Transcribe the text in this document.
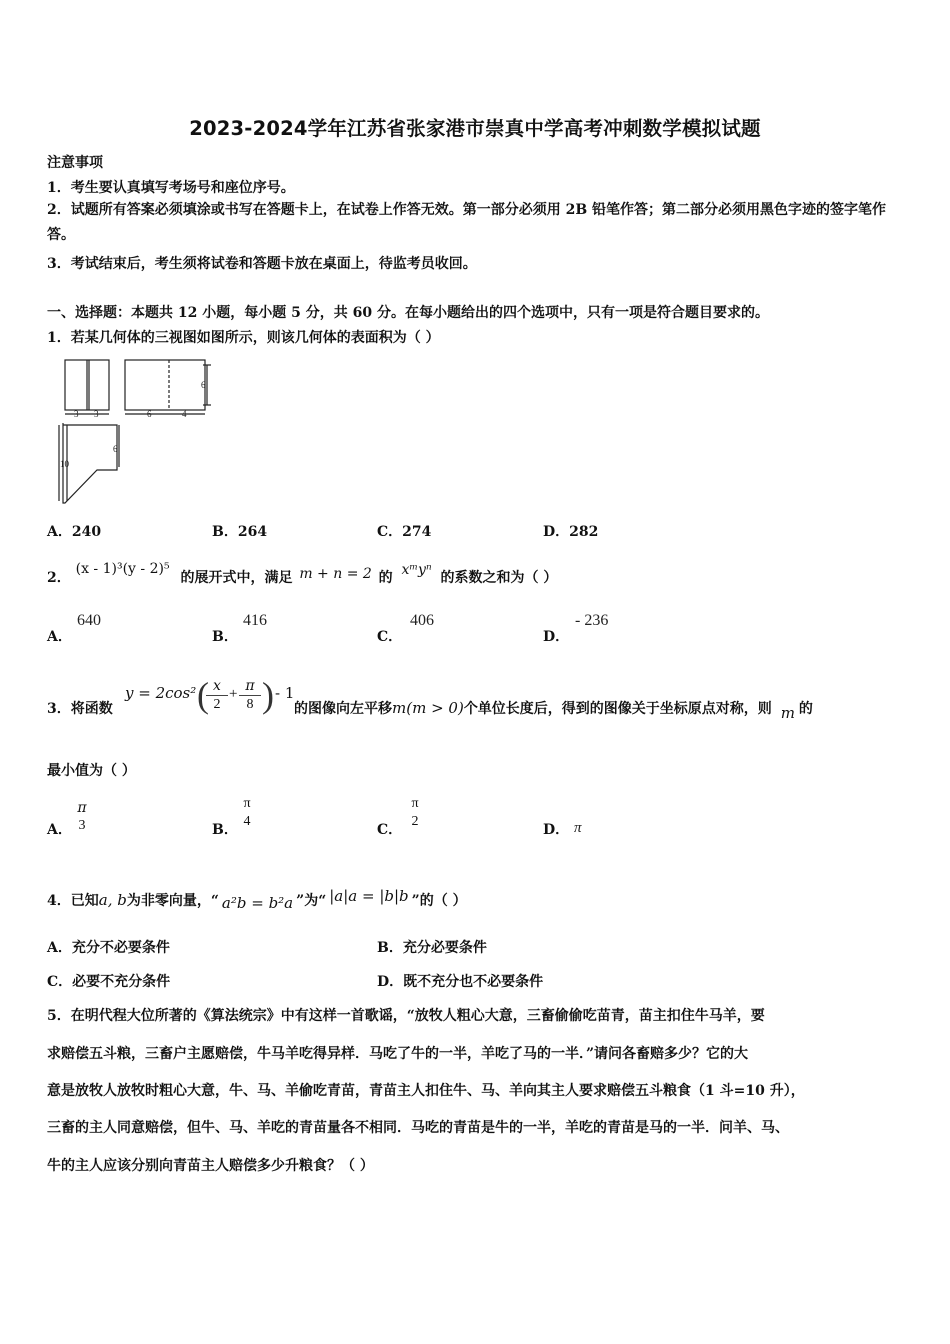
2023-2024学年江苏省张家港市崇真中学高考冲刺数学模拟试题
注意事项
1．考生要认真填写考场号和座位序号。
2．试题所有答案必须填涂或书写在答题卡上，在试卷上作答无效。第一部分必须用 2B 铅笔作答；第二部分必须用黑色字迹的签字笔作答。
3．考试结束后，考生须将试卷和答题卡放在桌面上，待监考员收回。
一、选择题：本题共 12 小题，每小题 5 分，共 60 分。在每小题给出的四个选项中，只有一项是符合题目要求的。
1．若某几何体的三视图如图所示，则该几何体的表面积为（ ）
3 3	6	4
6
10
6
A．240	B．264	C．274	D．282
2． (x - 1)³(y - 2)⁵ 的展开式中，满足 m + n = 2 的 xᵐyⁿ 的系数之和为（ ）
A．
640
B．
416
C．
406
D．
- 236
3．将函数
y = 2cos² (
$\frac{x}{2} + \frac{\pi}{8}$ ) - 1
的图像向左平移m(m > 0)个单位长度后，得到的图像关于坐标原点对称，则 m 的
最小值为（ ）
A．
π
3	B．
π
4
C．
π
2
D． π
4．已知a, b为非零向量，“ a²b = b²a ”为“ |a|a = |b|b ”的（ ）
A．充分不必要条件	B．充分必要条件
C．必要不充分条件	D．既不充分也不必要条件
5．在明代程大位所著的《算法统宗》中有这样一首歌谣，“放牧人粗心大意，三畜偷偷吃苗青，苗主扣住牛马羊，要
求赔偿五斗粮，三畜户主愿赔偿，牛马羊吃得异样．马吃了牛的一半，羊吃了马的一半．”请问各畜赔多少？它的大
意是放牧人放牧时粗心大意，牛、马、羊偷吃青苗，青苗主人扣住牛、马、羊向其主人要求赔偿五斗粮食（1 斗=10 升），
三畜的主人同意赔偿，但牛、马、羊吃的青苗量各不相同．马吃的青苗是牛的一半，羊吃的青苗是马的一半．问羊、马、
牛的主人应该分别向青苗主人赔偿多少升粮食？（ ）
